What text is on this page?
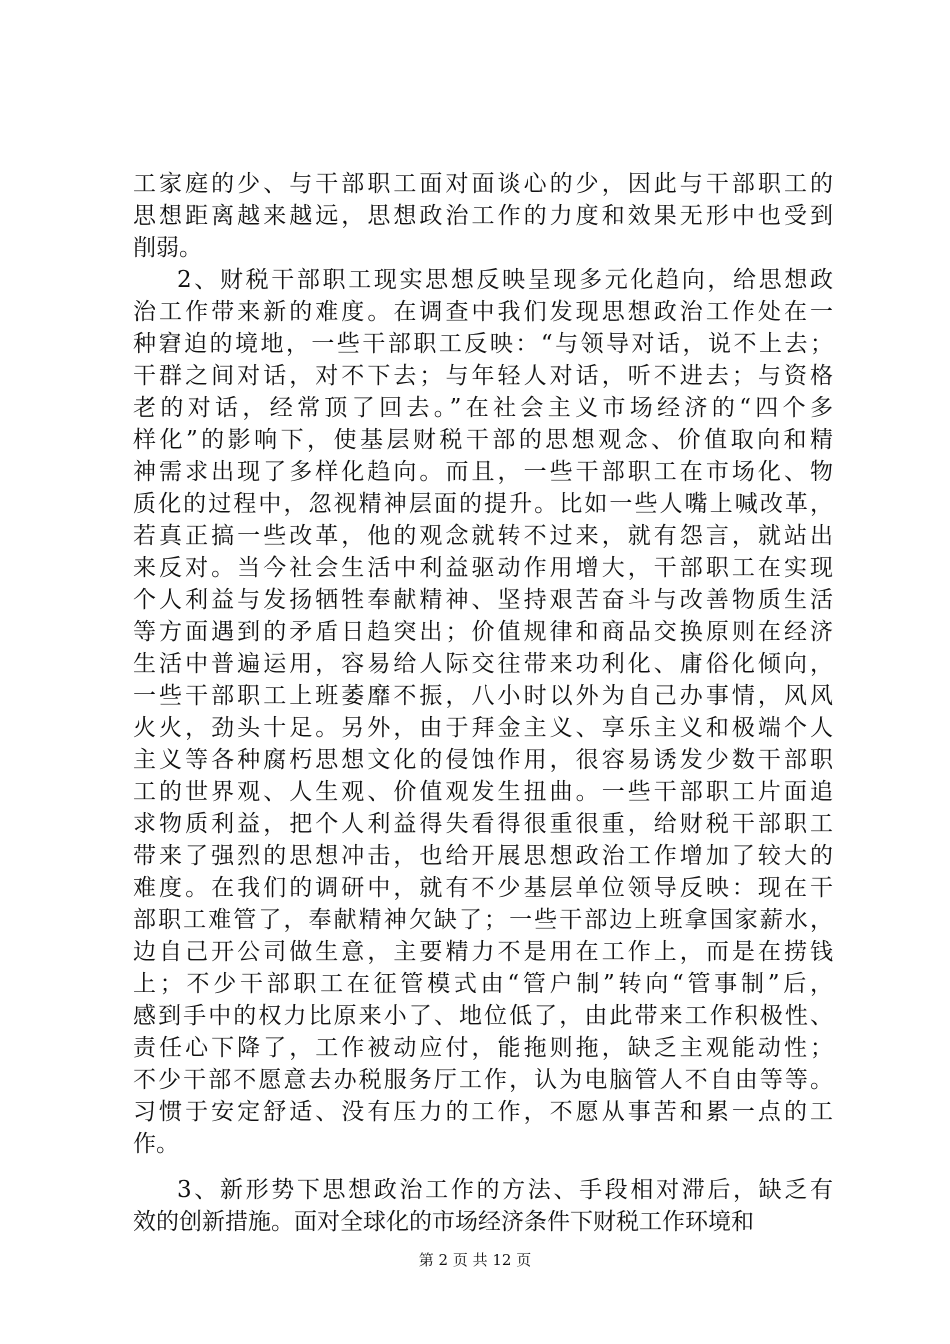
工家庭的少、与干部职工面对面谈心的少，因此与干部职工的
思想距离越来越远，思想政治工作的力度和效果无形中也受到
削弱。
2、财税干部职工现实思想反映呈现多元化趋向，给思想政
治工作带来新的难度。在调查中我们发现思想政治工作处在一
种窘迫的境地，一些干部职工反映：“与领导对话，说不上去；
干群之间对话，对不下去；与年轻人对话，听不进去；与资格
老的对话，经常顶了回去。”在社会主义市场经济的“四个多
样化”的影响下，使基层财税干部的思想观念、价值取向和精
神需求出现了多样化趋向。而且，一些干部职工在市场化、物
质化的过程中，忽视精神层面的提升。比如一些人嘴上喊改革，
若真正搞一些改革，他的观念就转不过来，就有怨言，就站出
来反对。当今社会生活中利益驱动作用增大，干部职工在实现
个人利益与发扬牺牲奉献精神、坚持艰苦奋斗与改善物质生活
等方面遇到的矛盾日趋突出；价值规律和商品交换原则在经济
生活中普遍运用，容易给人际交往带来功利化、庸俗化倾向，
一些干部职工上班萎靡不振，八小时以外为自己办事情，风风
火火，劲头十足。另外，由于拜金主义、享乐主义和极端个人
主义等各种腐朽思想文化的侵蚀作用，很容易诱发少数干部职
工的世界观、人生观、价值观发生扭曲。一些干部职工片面追
求物质利益，把个人利益得失看得很重很重，给财税干部职工
带来了强烈的思想冲击，也给开展思想政治工作增加了较大的
难度。在我们的调研中，就有不少基层单位领导反映：现在干
部职工难管了，奉献精神欠缺了；一些干部边上班拿国家薪水，
边自己开公司做生意，主要精力不是用在工作上，而是在捞钱
上；不少干部职工在征管模式由“管户制”转向“管事制”后，
感到手中的权力比原来小了、地位低了，由此带来工作积极性、
责任心下降了，工作被动应付，能拖则拖，缺乏主观能动性；
不少干部不愿意去办税服务厅工作，认为电脑管人不自由等等。
习惯于安定舒适、没有压力的工作，不愿从事苦和累一点的工
作。
3、新形势下思想政治工作的方法、手段相对滞后，缺乏有
效的创新措施。面对全球化的市场经济条件下财税工作环境和
第 2 页 共 12 页
